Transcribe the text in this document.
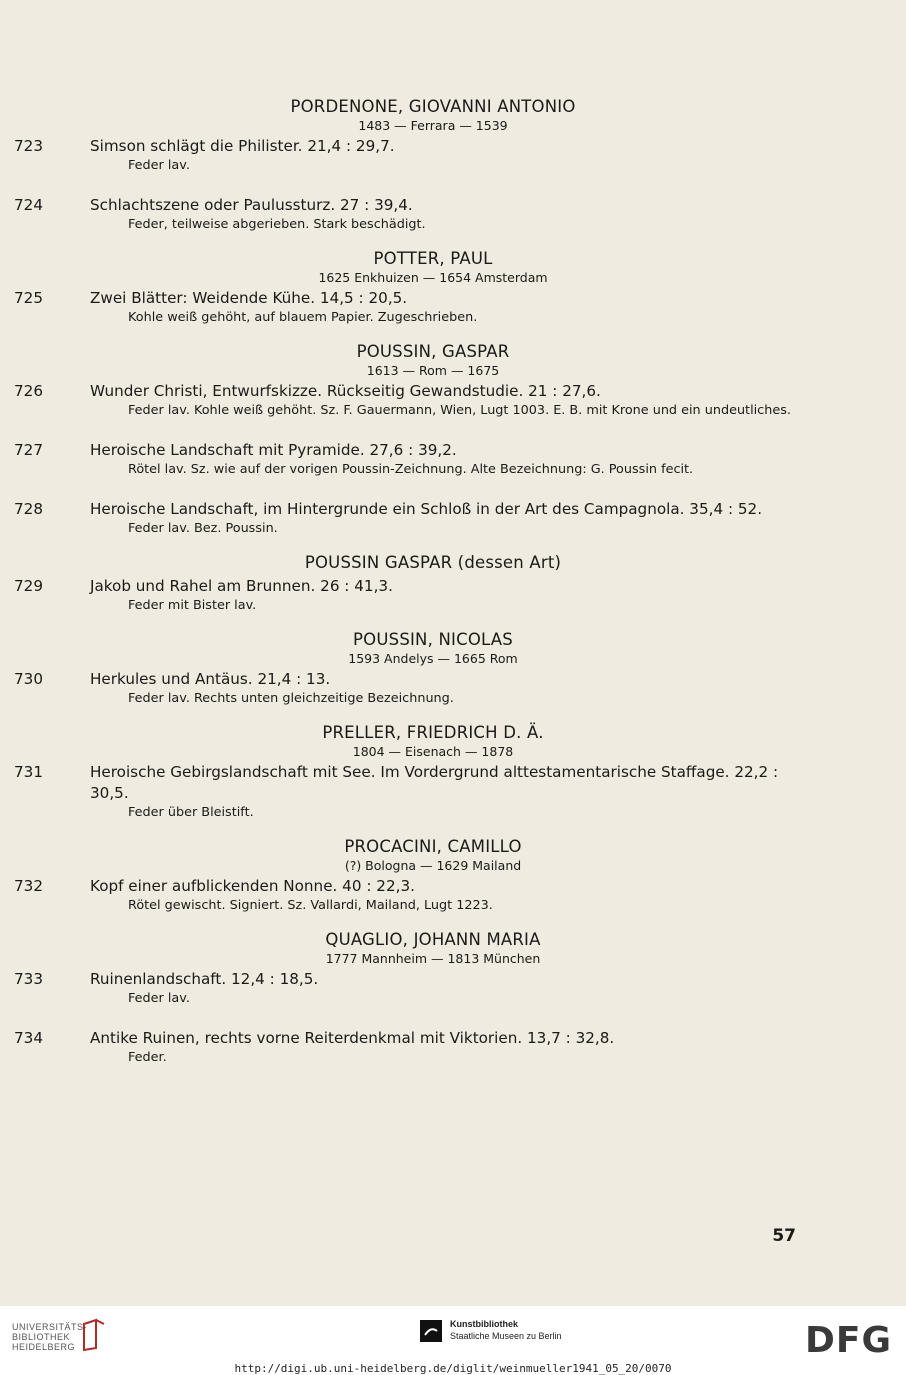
PORDENONE, GIOVANNI ANTONIO
1483 — Ferrara — 1539
723	Simson schlägt die Philister. 21,4 : 29,7.
Feder lav.
724	Schlachtszene oder Paulussturz. 27 : 39,4.
Feder, teilweise abgerieben. Stark beschädigt.
POTTER, PAUL
1625 Enkhuizen — 1654 Amsterdam
725	Zwei Blätter: Weidende Kühe. 14,5 : 20,5.
Kohle weiß gehöht, auf blauem Papier. Zugeschrieben.
POUSSIN, GASPAR
1613 — Rom — 1675
726	Wunder Christi, Entwurfskizze. Rückseitig Gewandstudie. 21 : 27,6.
Feder lav. Kohle weiß gehöht. Sz. F. Gauermann, Wien, Lugt 1003. E. B. mit Krone und ein undeutliches.
727	Heroische Landschaft mit Pyramide. 27,6 : 39,2.
Rötel lav. Sz. wie auf der vorigen Poussin-Zeichnung. Alte Bezeichnung: G. Poussin fecit.
728	Heroische Landschaft, im Hintergrunde ein Schloß in der Art des Campagnola. 35,4 : 52.
Feder lav. Bez. Poussin.
POUSSIN GASPAR (dessen Art)
729	Jakob und Rahel am Brunnen. 26 : 41,3.
Feder mit Bister lav.
POUSSIN, NICOLAS
1593 Andelys — 1665 Rom
730	Herkules und Antäus. 21,4 : 13.
Feder lav. Rechts unten gleichzeitige Bezeichnung.
PRELLER, FRIEDRICH D. Ä.
1804 — Eisenach — 1878
731	Heroische Gebirgslandschaft mit See. Im Vordergrund alttestamentarische Staffage. 22,2 : 30,5.
Feder über Bleistift.
PROCACINI, CAMILLO
(?) Bologna — 1629 Mailand
732	Kopf einer aufblickenden Nonne. 40 : 22,3.
Rötel gewischt. Signiert. Sz. Vallardi, Mailand, Lugt 1223.
QUAGLIO, JOHANN MARIA
1777 Mannheim — 1813 München
733	Ruinenlandschaft. 12,4 : 18,5.
Feder lav.
734	Antike Ruinen, rechts vorne Reiterdenkmal mit Viktorien. 13,7 : 32,8.
Feder.
57
UNIVERSITÄTS-
BIBLIOTHEK
HEIDELBERG
Kunstbibliothek
Staatliche Museen zu Berlin	DFG
http://digi.ub.uni-heidelberg.de/diglit/weinmueller1941_05_20/0070
